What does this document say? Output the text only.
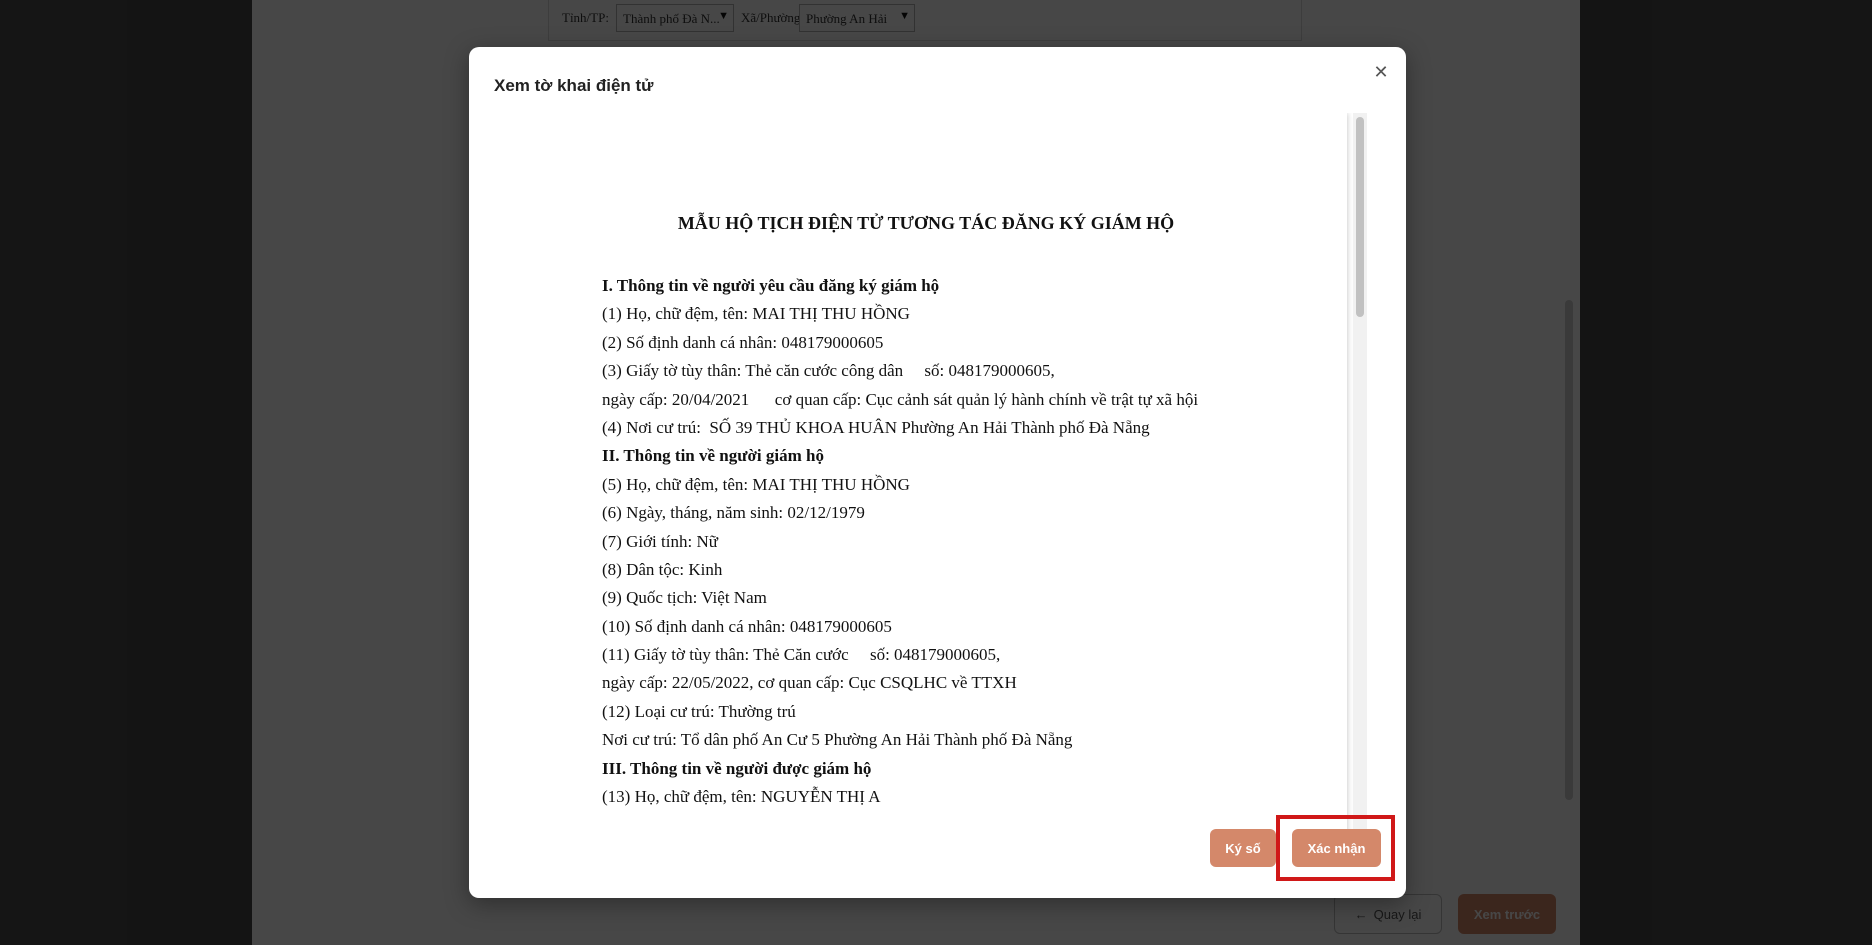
Xem tờ khai điện tử
✕
MẪU HỘ TỊCH ĐIỆN TỬ TƯƠNG TÁC ĐĂNG KÝ GIÁM HỘ
I. Thông tin về người yêu cầu đăng ký giám hộ
(1) Họ, chữ đệm, tên: MAI THỊ THU HỒNG
(2) Số định danh cá nhân: 048179000605
(3) Giấy tờ tùy thân: Thẻ căn cước công dân     số: 048179000605,
ngày cấp: 20/04/2021      cơ quan cấp: Cục cảnh sát quản lý hành chính về trật tự xã hội
(4) Nơi cư trú:  SỐ 39 THỦ KHOA HUÂN Phường An Hải Thành phố Đà Nẵng
II. Thông tin về người giám hộ
(5) Họ, chữ đệm, tên: MAI THỊ THU HỒNG
(6) Ngày, tháng, năm sinh: 02/12/1979
(7) Giới tính: Nữ
(8) Dân tộc: Kinh
(9) Quốc tịch: Việt Nam
(10) Số định danh cá nhân: 048179000605
(11) Giấy tờ tùy thân: Thẻ Căn cước     số: 048179000605,
ngày cấp: 22/05/2022, cơ quan cấp: Cục CSQLHC về TTXH
(12) Loại cư trú: Thường trú
Nơi cư trú: Tổ dân phố An Cư 5 Phường An Hải Thành phố Đà Nẵng
III. Thông tin về người được giám hộ
(13) Họ, chữ đệm, tên: NGUYỄN THỊ A
Ký số	Xác nhận
